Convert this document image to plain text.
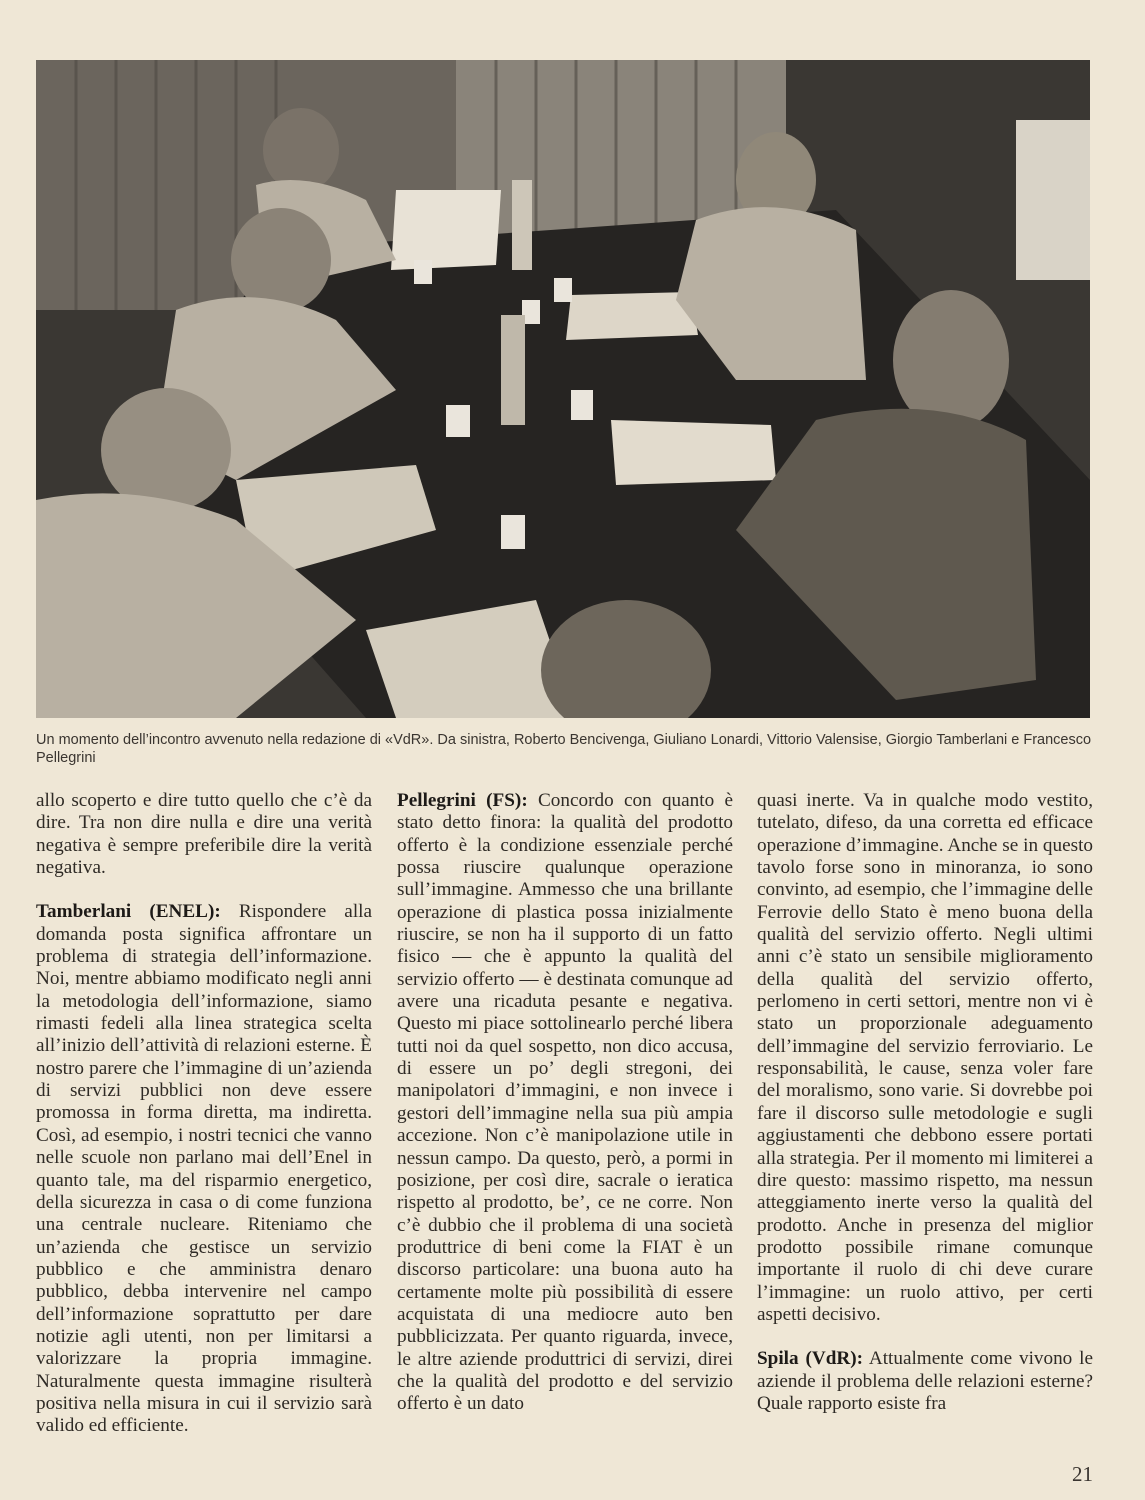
Un momento dell’incontro avvenuto nella redazione di «VdR». Da sinistra, Roberto Bencivenga, Giuliano Lonardi, Vittorio Valensise, Giorgio Tamberlani e Francesco Pellegrini

allo scoperto e dire tutto quello che c’è da dire. Tra non dire nulla e dire una verità negativa è sempre preferibile dire la verità negativa.

Tamberlani (ENEL): Rispondere alla domanda posta significa affrontare un problema di strategia dell’informazione. Noi, mentre abbiamo modificato negli anni la metodologia dell’informazione, siamo rimasti fedeli alla linea strategica scelta all’inizio dell’attività di relazioni esterne. È nostro parere che l’immagine di un’azienda di servizi pubblici non deve essere promossa in forma diretta, ma indiretta. Così, ad esempio, i nostri tecnici che vanno nelle scuole non parlano mai dell’Enel in quanto tale, ma del risparmio energetico, della sicurezza in casa o di come funziona una centrale nucleare. Riteniamo che un’azienda che gestisce un servizio pubblico e che amministra denaro pubblico, debba intervenire nel campo dell’informazione soprattutto per dare notizie agli utenti, non per limitarsi a valorizzare la propria immagine. Naturalmente questa immagine risulterà positiva nella misura in cui il servizio sarà valido ed efficiente.

Pellegrini (FS): Concordo con quanto è stato detto finora: la qualità del prodotto offerto è la condizione essenziale perché possa riuscire qualunque operazione sull’immagine. Ammesso che una brillante operazione di plastica possa inizialmente riuscire, se non ha il supporto di un fatto fisico — che è appunto la qualità del servizio offerto — è destinata comunque ad avere una ricaduta pesante e negativa. Questo mi piace sottolinearlo perché libera tutti noi da quel sospetto, non dico accusa, di essere un po’ degli stregoni, dei manipolatori d’immagini, e non invece i gestori dell’immagine nella sua più ampia accezione. Non c’è manipolazione utile in nessun campo. Da questo, però, a pormi in posizione, per così dire, sacrale o ieratica rispetto al prodotto, be’, ce ne corre. Non c’è dubbio che il problema di una società produttrice di beni come la FIAT è un discorso particolare: una buona auto ha certamente molte più possibilità di essere acquistata di una mediocre auto ben pubblicizzata. Per quanto riguarda, invece, le altre aziende produttrici di servizi, direi che la qualità del prodotto e del servizio offerto è un dato

quasi inerte. Va in qualche modo vestito, tutelato, difeso, da una corretta ed efficace operazione d’immagine. Anche se in questo tavolo forse sono in minoranza, io sono convinto, ad esempio, che l’immagine delle Ferrovie dello Stato è meno buona della qualità del servizio offerto. Negli ultimi anni c’è stato un sensibile miglioramento della qualità del servizio offerto, perlomeno in certi settori, mentre non vi è stato un proporzionale adeguamento dell’immagine del servizio ferroviario. Le responsabilità, le cause, senza voler fare del moralismo, sono varie. Si dovrebbe poi fare il discorso sulle metodologie e sugli aggiustamenti che debbono essere portati alla strategia. Per il momento mi limiterei a dire questo: massimo rispetto, ma nessun atteggiamento inerte verso la qualità del prodotto. Anche in presenza del miglior prodotto possibile rimane comunque importante il ruolo di chi deve curare l’immagine: un ruolo attivo, per certi aspetti decisivo.

Spila (VdR): Attualmente come vivono le aziende il problema delle relazioni esterne? Quale rapporto esiste fra

21
